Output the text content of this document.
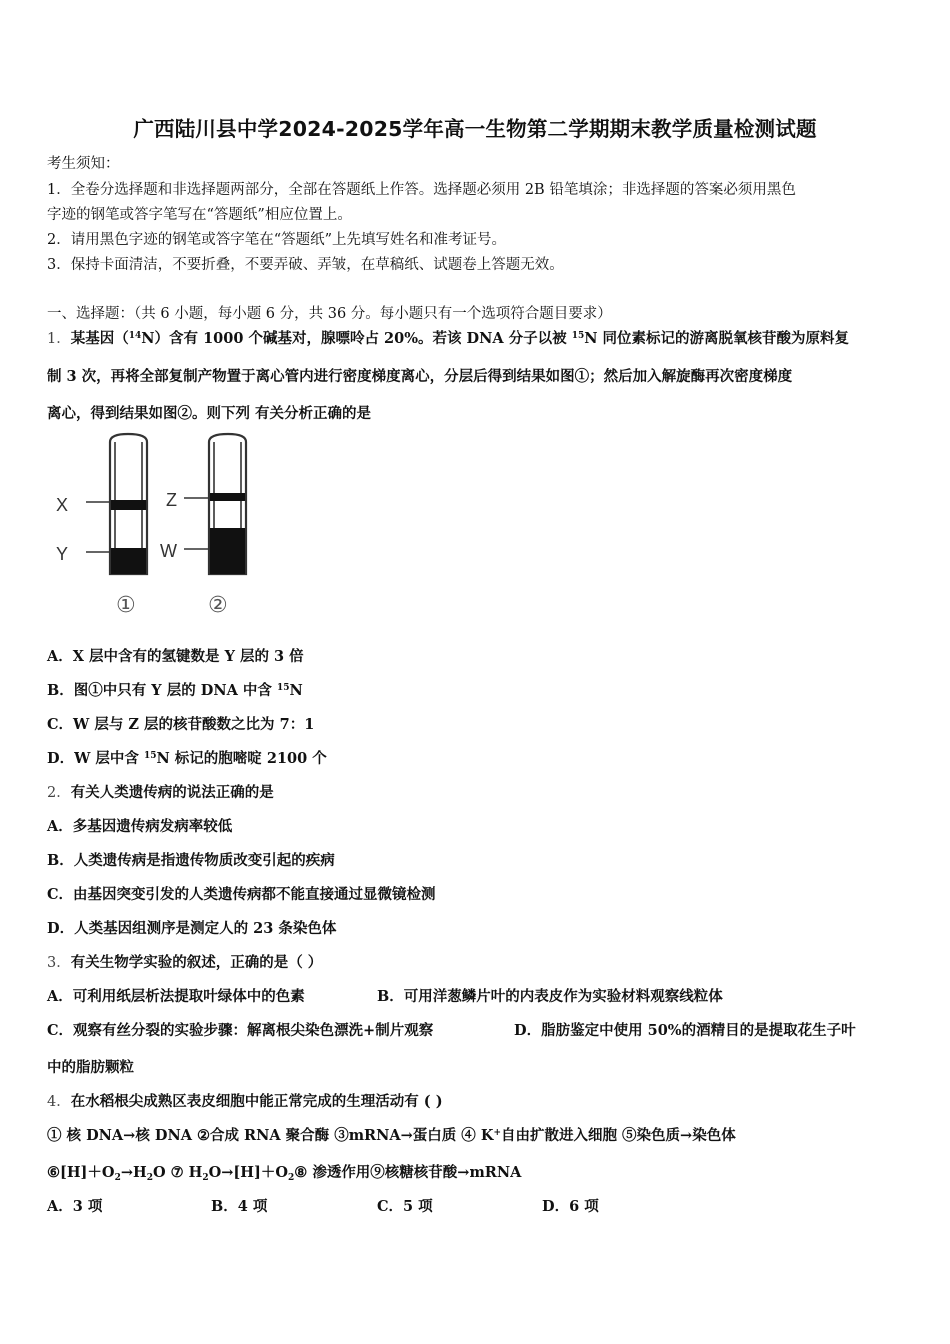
广西陆川县中学2024-2025学年高一生物第二学期期末教学质量检测试题
考生须知：
1．全卷分选择题和非选择题两部分，全部在答题纸上作答。选择题必须用 2B 铅笔填涂；非选择题的答案必须用黑色
字迹的钢笔或答字笔写在“答题纸”相应位置上。
2．请用黑色字迹的钢笔或答字笔在“答题纸”上先填写姓名和准考证号。
3．保持卡面清洁，不要折叠，不要弄破、弄皱，在草稿纸、试题卷上答题无效。
一、选择题：（共 6 小题，每小题 6 分，共 36 分。每小题只有一个选项符合题目要求）
1．某基因（$^{14}$N）含有 1000 个碱基对，腺嘌呤占 20%。若该 DNA 分子以被 $^{15}$N 同位素标记的游离脱氧核苷酸为原料复
制 3 次，再将全部复制产物置于离心管内进行密度梯度离心，分层后得到结果如图①；然后加入解旋酶再次密度梯度
离心，得到结果如图②。则下列 有关分析正确的是
X
Y
Z
W
①	②
A．X 层中含有的氢键数是 Y 层的 3 倍
B．图①中只有 Y 层的 DNA 中含 $^{15}$N
C．W 层与 Z 层的核苷酸数之比为 7：1
D．W 层中含 $^{15}$N 标记的胞嘧啶 2100 个
2．有关人类遗传病的说法正确的是
A．多基因遗传病发病率较低
B．人类遗传病是指遗传物质改变引起的疾病
C．由基因突变引发的人类遗传病都不能直接通过显微镜检测
D．人类基因组测序是测定人的 23 条染色体
3．有关生物学实验的叙述，正确的是（ ）
A．可利用纸层析法提取叶绿体中的色素	B．可用洋葱鳞片叶的内表皮作为实验材料观察线粒体
C．观察有丝分裂的实验步骤：解离根尖染色漂洗+制片观察	D．脂肪鉴定中使用 50%的酒精目的是提取花生子叶
中的脂肪颗粒
4．在水稻根尖成熟区表皮细胞中能正常完成的生理活动有 ( )
① 核 DNA→核 DNA ②合成 RNA 聚合酶 ③mRNA→蛋白质 ④ K+自由扩散进入细胞 ⑤染色质→染色体
$⑥[H]+O_2\to H_2O$ ⑦ $H_2O\to[H]+O_2⑧$ 渗透作用⑨核糖核苷酸→mRNA
A．3 项	B．4 项	C．5 项	D．6 项
